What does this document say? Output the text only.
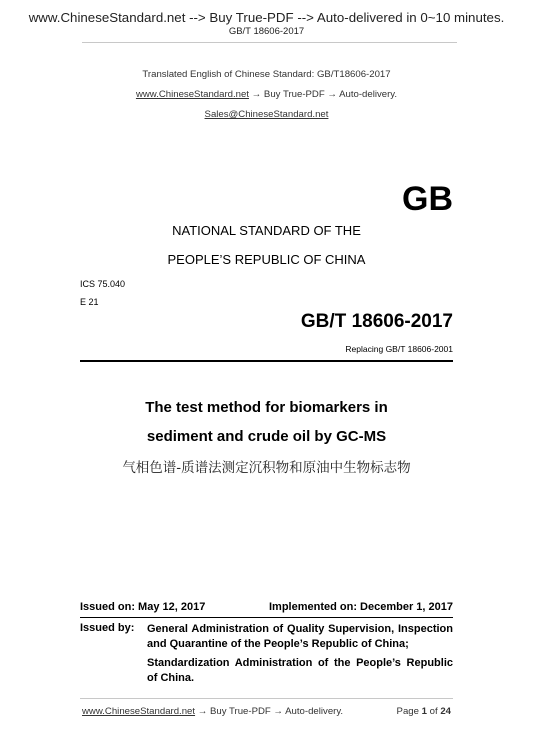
www.ChineseStandard.net --> Buy True-PDF --> Auto-delivered in 0~10 minutes.
GB/T 18606-2017
Translated English of Chinese Standard: GB/T18606-2017
www.ChineseStandard.net → Buy True-PDF → Auto-delivery.
Sales@ChineseStandard.net
GB
NATIONAL STANDARD OF THE
PEOPLE’S REPUBLIC OF CHINA
ICS 75.040
E 21
GB/T 18606-2017
Replacing GB/T 18606-2001
The test method for biomarkers in
sediment and crude oil by GC-MS
气相色谱-质谱法测定沉积物和原油中生物标志物
Issued on: May 12, 2017	Implemented on: December 1, 2017
Issued by: General Administration of Quality Supervision, Inspection and Quarantine of the People’s Republic of China;

Standardization Administration of the People’s Republic of China.

www.ChineseStandard.net → Buy True-PDF → Auto-delivery.	Page 1 of 24
